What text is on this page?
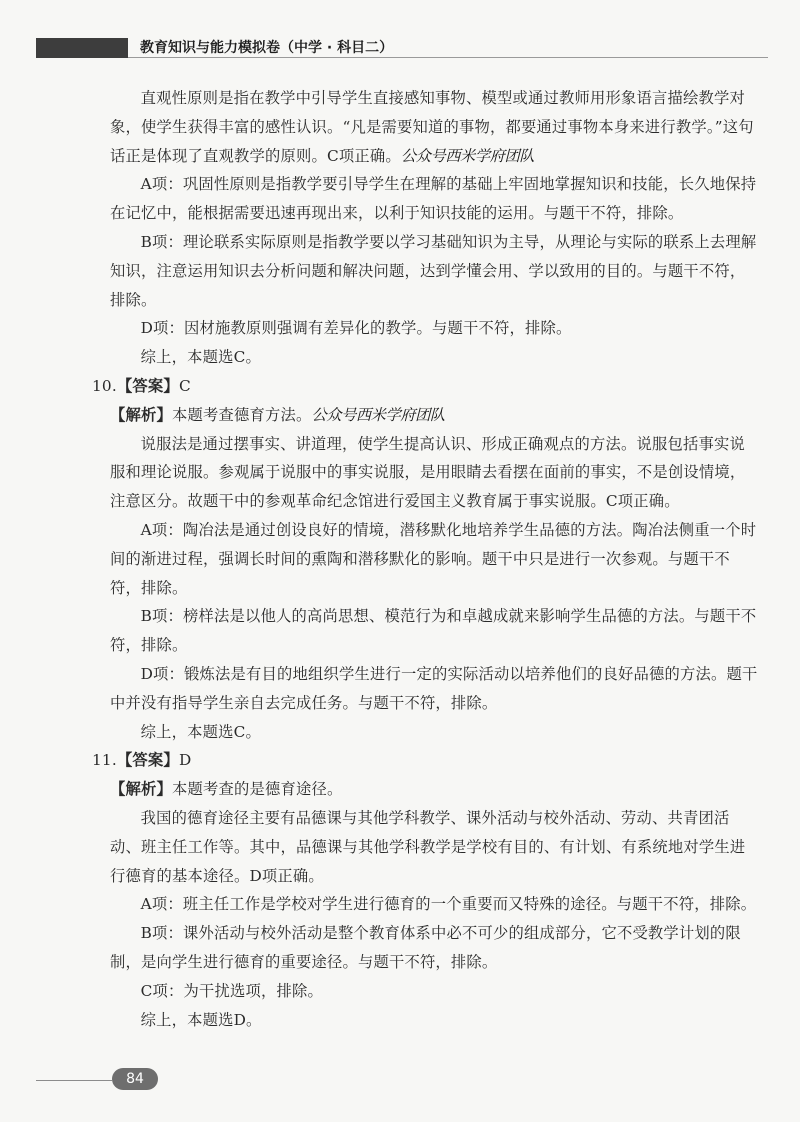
教育知识与能力模拟卷（中学 · 科目二）

直观性原则是指在教学中引导学生直接感知事物、模型或通过教师用形象语言描绘教学对象，使学生获得丰富的感性认识。“凡是需要知道的事物，都要通过事物本身来进行教学。”这句话正是体现了直观教学的原则。C项正确。公众号西米学府团队

A项：巩固性原则是指教学要引导学生在理解的基础上牢固地掌握知识和技能，长久地保持在记忆中，能根据需要迅速再现出来，以利于知识技能的运用。与题干不符，排除。

B项：理论联系实际原则是指教学要以学习基础知识为主导，从理论与实际的联系上去理解知识，注意运用知识去分析问题和解决问题，达到学懂会用、学以致用的目的。与题干不符，排除。

D项：因材施教原则强调有差异化的教学。与题干不符，排除。

综上，本题选C。

10.【答案】C

【解析】本题考查德育方法。公众号西米学府团队

说服法是通过摆事实、讲道理，使学生提高认识、形成正确观点的方法。说服包括事实说服和理论说服。参观属于说服中的事实说服，是用眼睛去看摆在面前的事实，不是创设情境，注意区分。故题干中的参观革命纪念馆进行爱国主义教育属于事实说服。C项正确。

A项：陶冶法是通过创设良好的情境，潜移默化地培养学生品德的方法。陶冶法侧重一个时间的渐进过程，强调长时间的熏陶和潜移默化的影响。题干中只是进行一次参观。与题干不符，排除。

B项：榜样法是以他人的高尚思想、模范行为和卓越成就来影响学生品德的方法。与题干不符，排除。

D项：锻炼法是有目的地组织学生进行一定的实际活动以培养他们的良好品德的方法。题干中并没有指导学生亲自去完成任务。与题干不符，排除。

综上，本题选C。

11.【答案】D

【解析】本题考查的是德育途径。

我国的德育途径主要有品德课与其他学科教学、课外活动与校外活动、劳动、共青团活动、班主任工作等。其中，品德课与其他学科教学是学校有目的、有计划、有系统地对学生进行德育的基本途径。D项正确。

A项：班主任工作是学校对学生进行德育的一个重要而又特殊的途径。与题干不符，排除。

B项：课外活动与校外活动是整个教育体系中必不可少的组成部分，它不受教学计划的限制，是向学生进行德育的重要途径。与题干不符，排除。

C项：为干扰选项，排除。

综上，本题选D。

84
